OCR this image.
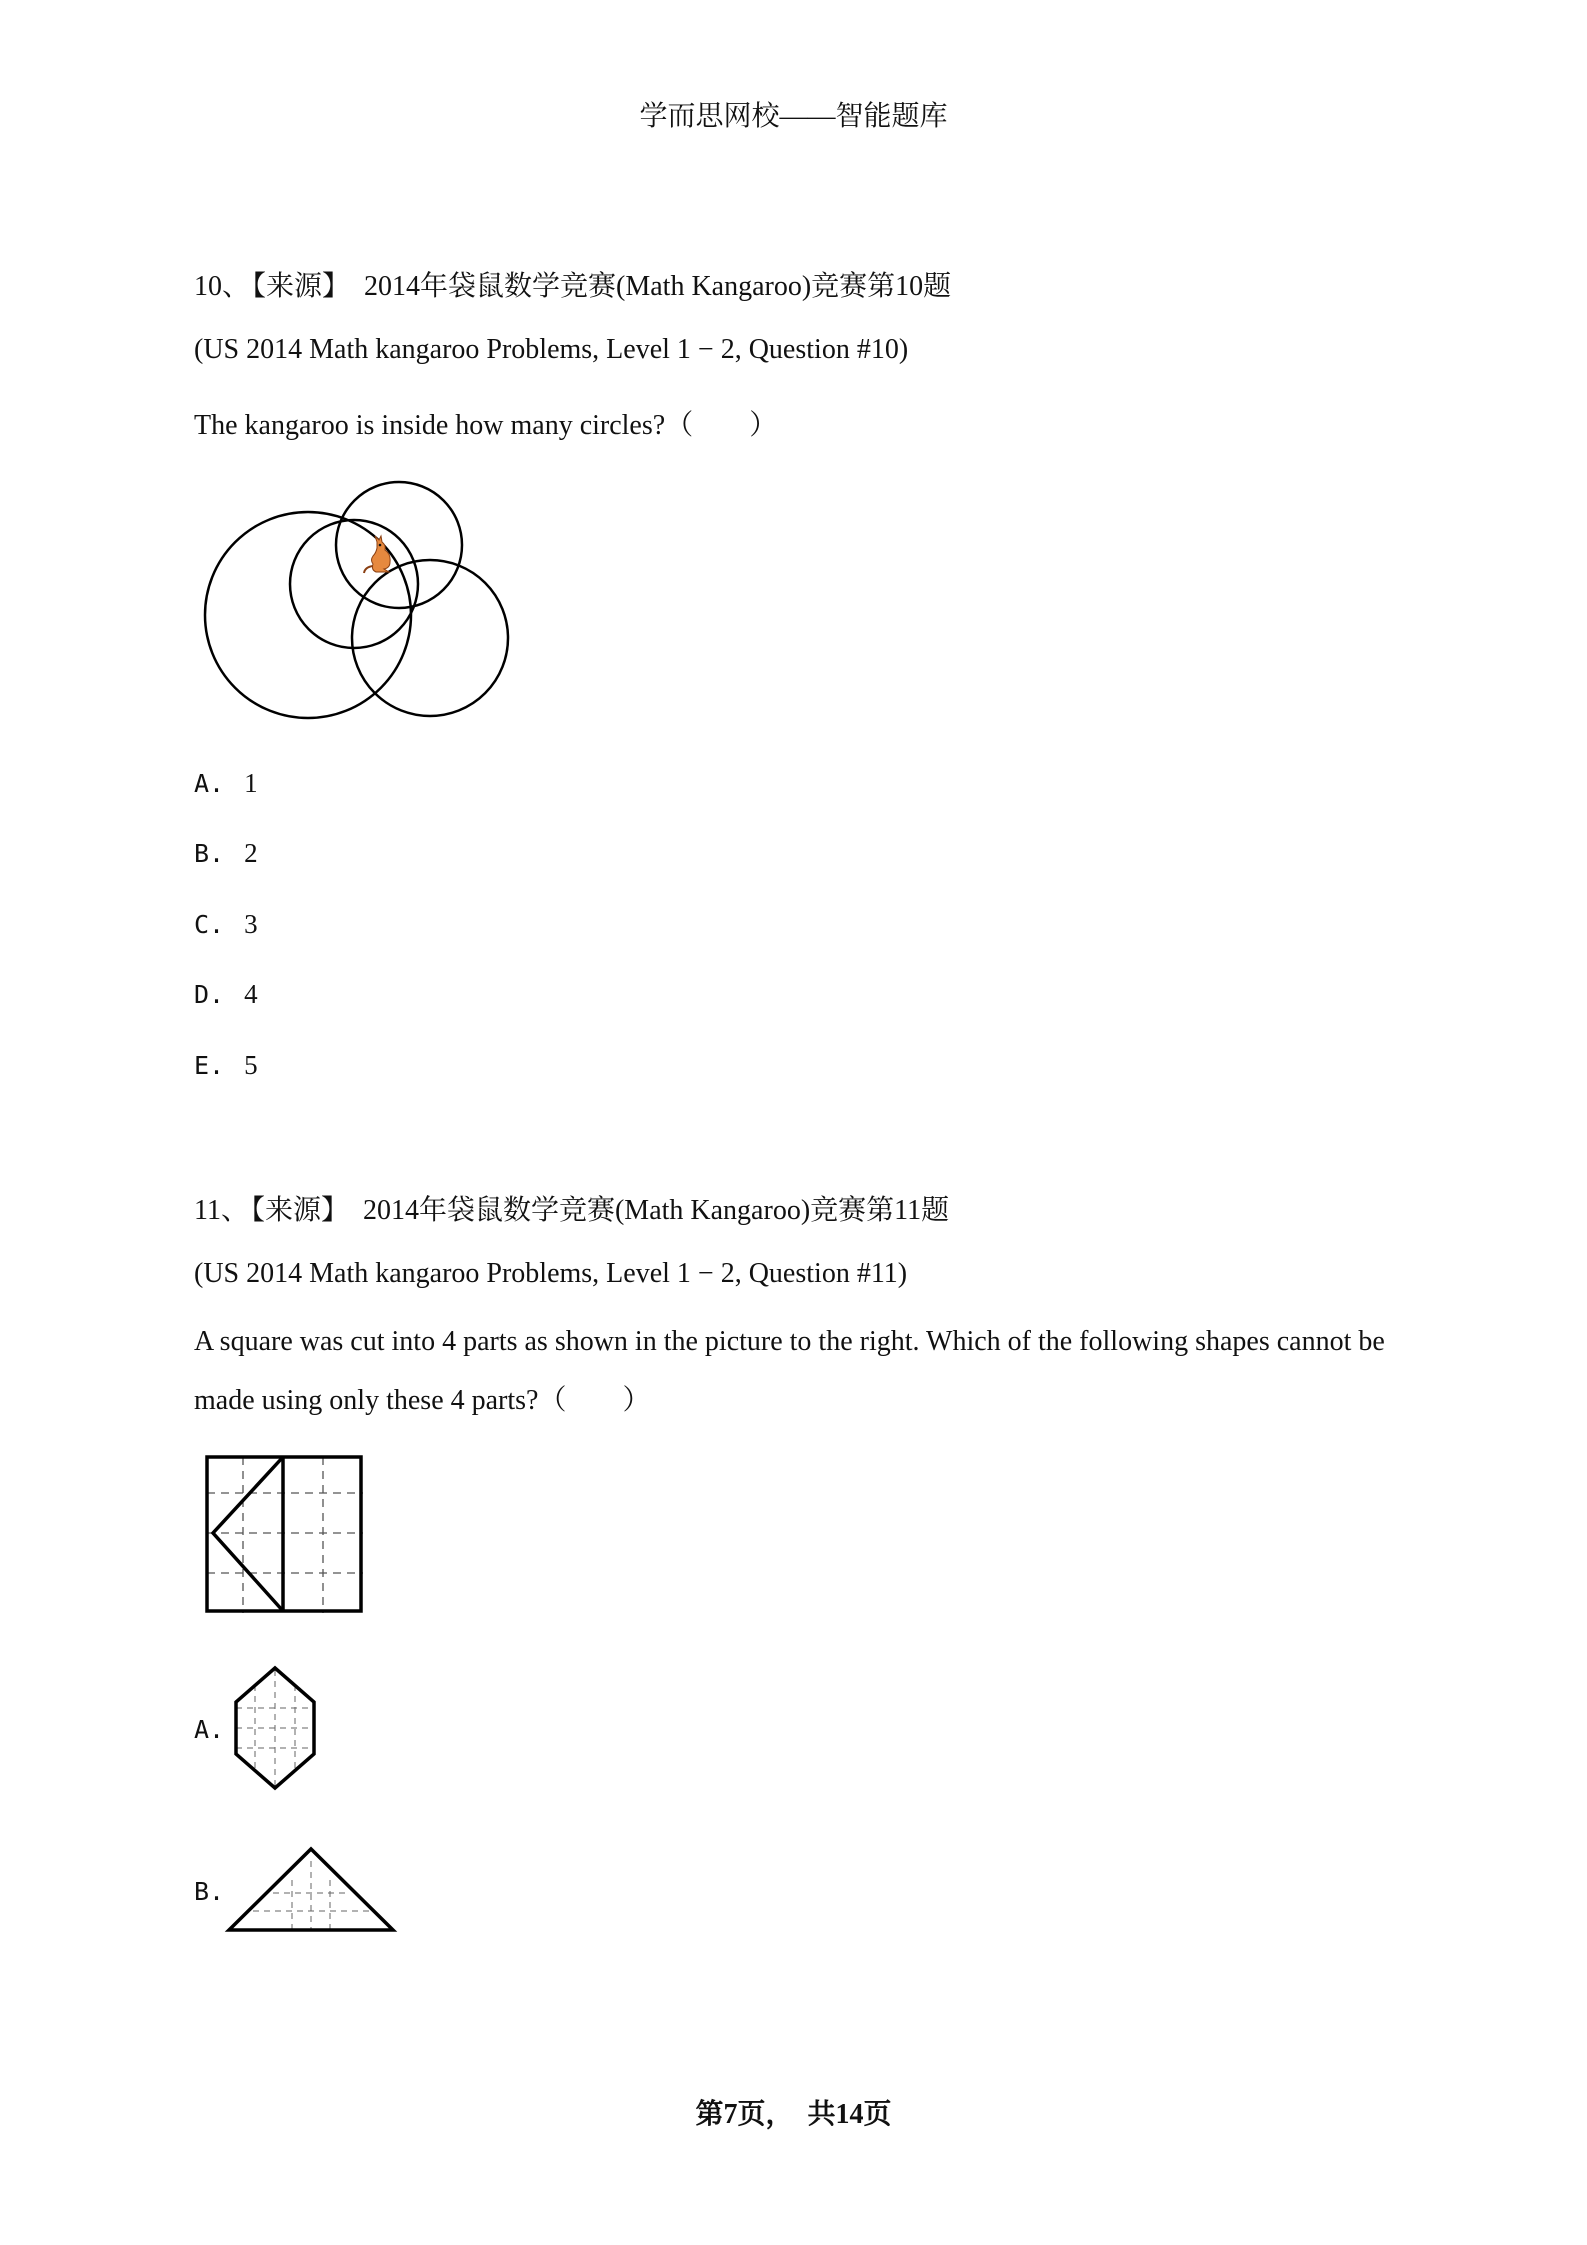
学而思网校——智能题库
10、【来源】 2014年袋鼠数学竞赛(Math Kangaroo)竞赛第10题
(US 2014 Math kangaroo Problems, Level 1 − 2, Question #10)
The kangaroo is inside how many circles?（　　）
A. 1
B. 2
C. 3
D. 4
E. 5
11、【来源】 2014年袋鼠数学竞赛(Math Kangaroo)竞赛第11题
(US 2014 Math kangaroo Problems, Level 1 − 2, Question #11)
A square was cut into 4 parts as shown in the picture to the right. Which of the following shapes cannot be
made using only these 4 parts?（　　）
A.
B.
第7页，　共14页
